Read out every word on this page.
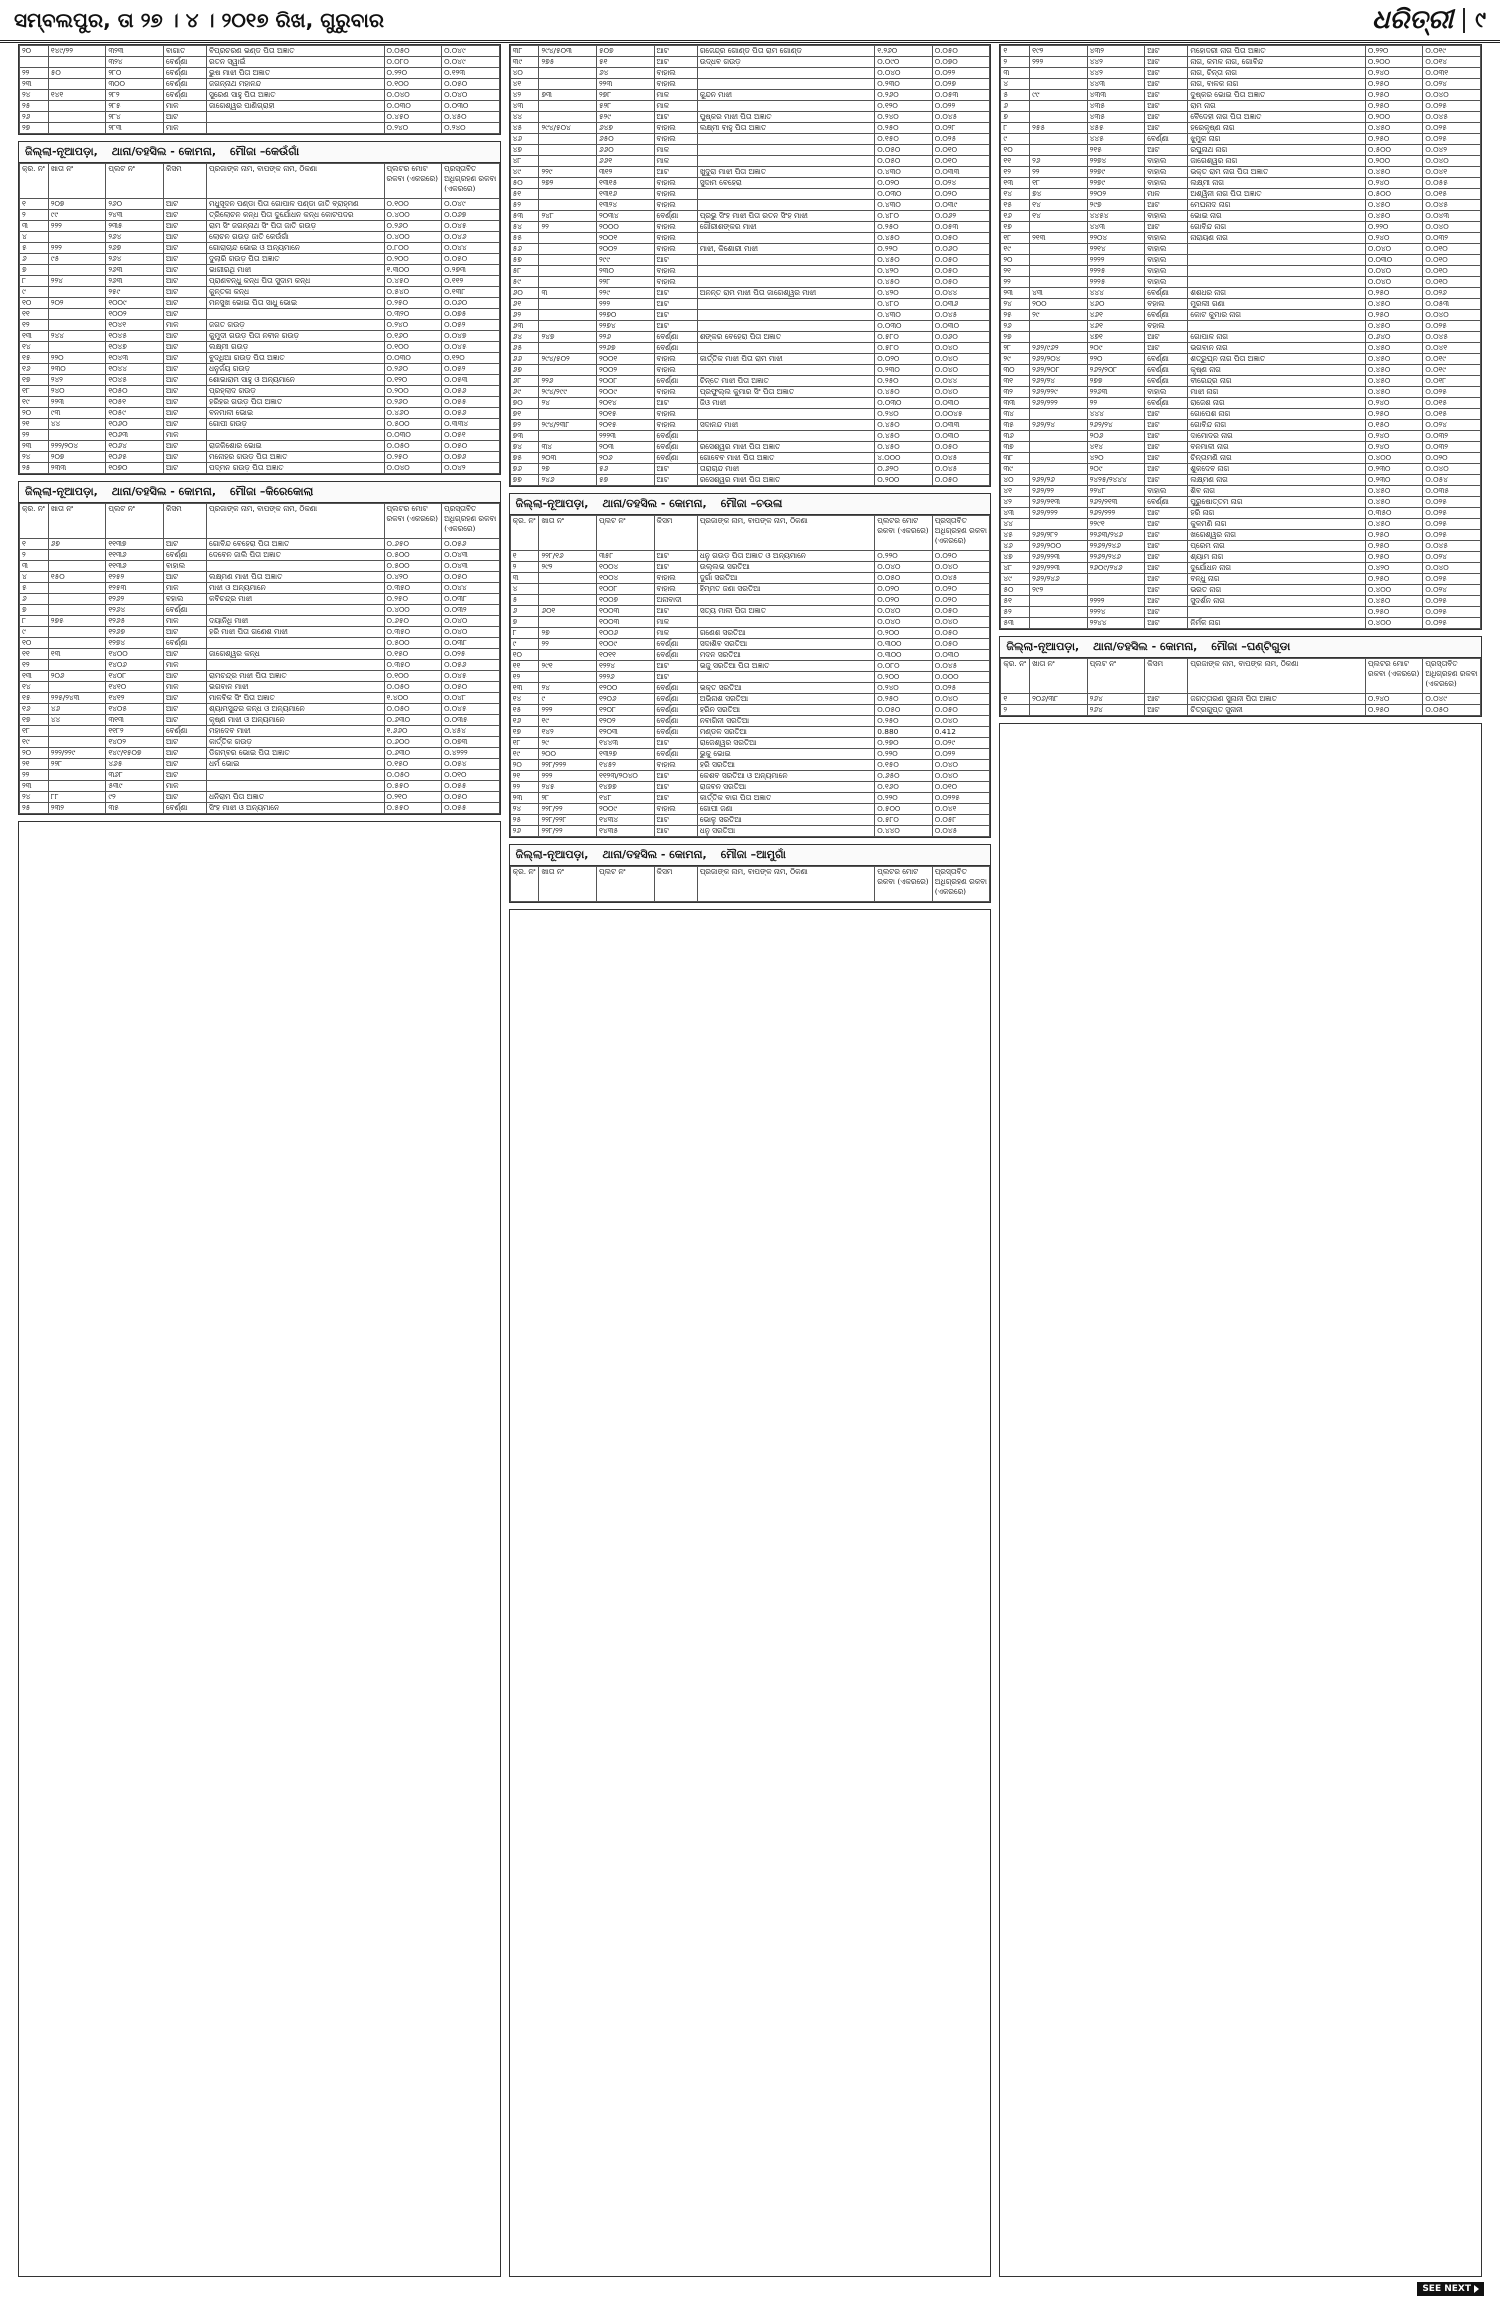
ସମ୍ବଲପୁର, ତା ୨୭ । ୪ । ୨୦୧୭ ରିଖ, ଗୁରୁବାର	ଧରିତ୍ରୀ	୯
୨୦	୧୪୯/୨୨	୩୨୩	ବାଗାତ	ବିପ୍ରଚରଣ ଭଣ୍ଡ ପିତା ଅଜ୍ଞାତ	୦.୦୫୦	୦.୦୪୯
		୩୨୪	ବେର୍ଣ୍ଣା	ରତନ ସ୍ୱାଇଁ	୦.୦୮୦	୦.୦୪୯
୨୨	୫୦	୨୮୦	ବେର୍ଣ୍ଣା	ଭୁଷ ମାଝୀ ପିତା ଅଜ୍ଞାତ	୦.୨୨୦	୦.୧୨୩
୨୩		୩୦୦	ବେର୍ଣ୍ଣା	ଜଗନ୍ନାଥ ମହାନନ୍ଦ	୦.୧୦୦	୦.୦୫୦
୨୪	୧୪୧	୨୮୨	ବେର୍ଣ୍ଣା	ସୁରେଣ ସାହୁ ପିତା ଅଜ୍ଞାତ	୦.୦୪୦	୦.୦୪୦
୨୫		୨୮୫	ମାଳ	ଜାଗେଶ୍ୱର ପାଣିଗ୍ରାହୀ	୦.୦୩୦	୦.୦୩୦
୨୬		୨୮୪	ଆଟ		୦.୪୫୦	୦.୪୫୦
୨୭		୨୮୩	ମାଳ		୦.୨୪୦	୦.୨୪୦
ଜିଲ୍ଲା-ନୂଆପଡ଼ା, ଥାନା/ତହସିଲ - କୋମନା, ମୌଜା –କେଉଁଗାଁ
କ୍ର. ନଂ	ଖାତା ନଂ	ପ୍ଲଟ ନଂ	କିସମ	ପ୍ରଜାଙ୍କ ନାମ, ବାପଙ୍କ ନାମ, ଠିକଣା	ପ୍ଲଟର ମୋଟ ରକବା (ଏକରରେ)	ପ୍ରସ୍ତାବିତ ଅଧିଗ୍ରହଣ ରକବା (ଏକରରେ)
୧	୨୦୭	୨୬୦	ଆଟ	ମଧୁସୂଦନ ପଣ୍ଡା ପିତା ଗୋପାଳ ପଣ୍ଡା ଜାତି ବ୍ରାହ୍ମଣ	୦.୧୦୦	୦.୦୪୯
୨	୯୯	୨୪୩	ଆଟ	ତ୍ରିଲୋଚନ କନ୍ଧ ପିତା ଦୁର୍ଯୋଧନ କନ୍ଧ କୋଟପଦର	୦.୪୦୦	୦.୦୬୭
୩	୨୨୨	୨୩୫	ଆଟ	ରାମ ସିଂ ଜଗନ୍ନାଥ ସିଂ ପିତା ଜାତି ଗଉଡ଼	୦.୨୬୦	୦.୦୪୫
୪		୨୬୪	ଆଟ	ଲୋଚନ ଗଉଡ଼ ଜାତି କେଉଁଗାଁ	୦.୪୦୦	୦.୦୪୬
୫	୨୨୨	୨୬୭	ଆଟ	ଗୋରାଚାନ୍ଦ ଭୋଇ ଓ ଅନ୍ୟମାନେ	୦.୮୦୦	୦.୦୪୪
୬	୯୫	୨୬୪	ଆଟ	ଦୁଲାରି ଗଉଡ଼ ପିତା ଅଜ୍ଞାତ	୦.୨୦୦	୦.୦୫୦
୭		୨୬୩	ଆଟ	ଭାଗୀରଥି ମାଝୀ	୧.୩୦୦	୦.୨୭୩
୮	୨୨୪	୨୬୩	ଆଟ	ପ୍ରାଣବନ୍ଧୁ କନ୍ଧ ପିତା ସୁଦାମ କନ୍ଧ	୦.୪୫୦	୦.୧୧୨
୯		୨୫୯	ଆଟ	କୁନ୍ତଳା କନ୍ଧ	୦.୫୪୦	୦.୧୩୮
୧୦	୨୦୨	୧୦୦୯	ଆଟ	ମନସୁଖ ଭୋଇ ପିତା ସାଧୁ ଭୋଇ	୦.୨୫୦	୦.୦୬୦
୧୧		୧୦୦୨	ଆଟ		୦.୩୨୦	୦.୦୭୫
୧୨		୧୦୪୧	ମାଳ	ଜଗତ ଗଉଡ଼	୦.୨୪୦	୦.୦୫୨
୧୩	୨୪୪	୧୦୪୫	ଆଟ	କୁମୁଦୀ ଗଉଡ଼ ପିତା ନବୀନ ଗଉଡ଼	୦.୧୬୦	୦.୦୪୭
୧୪		୧୦୪୭	ଆଟ	ଲକ୍ଷ୍ମୀ ଗଉଡ଼	୦.୧୦୦	୦.୦୪୫
୧୫	୨୨୦	୧୦୪୩	ଆଟ	ବୁଦ୍ଧିଆ ଗଉଡ଼ ପିତା ଅଜ୍ଞାତ	୦.୦୩୦	୦.୧୨୦
୧୬	୨୩୦	୧୦୪୪	ଆଟ	ଧନୁର୍ଜୟ ଗଉଡ଼	୦.୨୬୦	୦.୦୫୨
୧୭	୨୪୨	୧୦୪୫	ଆଟ	ଶୋଭାରାମ ସାହୁ ଓ ଅନ୍ୟମାନେ	୦.୧୨୦	୦.୦୫୩
୧୮	୨୪୦	୧୦୫୦	ଆଟ	ପ୍ରହ୍ଲାଦ ଗଉଡ଼	୦.୨୦୦	୦.୦୫୬
୧୯	୨୨୩	୧୦୫୧	ଆଟ	ହରିହର ଗଉଡ଼ ପିତା ଅଜ୍ଞାତ	୦.୨୬୦	୦.୦୫୫
୨୦	୯୩	୧୦୫୯	ଆଟ	ବନମାଳୀ ଭୋଇ	୦.୪୬୦	୦.୦୫୬
୨୧	୪୪	୧୦୬୦	ଆଟ	ଗୋପୀ ଗଉଡ଼	୦.୫୦୦	୦.୩୩୪
୨୨		୧୦୬୩	ମାଳ		୦.୦୩୦	୦.୦୫୧
୨୩	୨୨୨/୨୦୪	୧୦୬୪	ଆଟ	ରାଜକିଶୋର ଭୋଇ	୦.୦୫୦	୦.୦୫୦
୨୪	୨୦୭	୧୦୬୫	ଆଟ	ମନୋହର ଗଉଡ଼ ପିତା ଅଜ୍ଞାତ	୦.୨୫୦	୦.୦୭୬
୨୫	୨୩୩	୧୦୭୦	ଆଟ	ପଦ୍ମନ ଗଉଡ଼ ପିତା ଅଜ୍ଞାତ	୦.୦୪୦	୦.୦୪୨
ଜିଲ୍ଲା-ନୂଆପଡ଼ା, ଥାନା/ତହସିଲ - କୋମନା, ମୌଜା –କିରେକୋଲା
କ୍ର. ନଂ	ଖାତା ନଂ	ପ୍ଲଟ ନଂ	କିସମ	ପ୍ରଜାଙ୍କ ନାମ, ବାପଙ୍କ ନାମ, ଠିକଣା	ପ୍ଲଟର ମୋଟ ରକବା (ଏକରରେ)	ପ୍ରସ୍ତାବିତ ଅଧିଗ୍ରହଣ ରକବା (ଏକରରେ)
୧	୬୭	୧୧୩୭	ଆଟ	ଗୋବିନ୍ଦ ବେହେରା ପିତା ଅଜ୍ଞାତ	୦.୬୫୦	୦.୦୫୬
୨		୧୧୩୬	ବେର୍ଣ୍ଣା	ଦେବେନ ଜାଲି ପିତା ଅଜ୍ଞାତ	୦.୫୦୦	୦.୦୪୩
୩		୧୧୩୬	ବାହାଲ		୦.୫୦୦	୦.୦୪୩
୪	୧୫୦	୧୨୫୨	ଆଟ	ଲକ୍ଷ୍ମଣ ମାଝୀ ପିତା ଅଜ୍ଞାତ	୦.୪୨୦	୦.୦୫୦
୫		୧୨୫୩	ମାଳ	ମାଝୀ ଓ ଅନ୍ୟମାନେ	୦.୩୫୦	୦.୦୪୪
୬		୧୨୬୨	ବହାଲ	କବିଚନ୍ଦ୍ର ମାଝୀ	୦.୨୫୦	୦.୦୩୮
୭		୧୨୬୪	ବେର୍ଣ୍ଣା		୦.୪୦୦	୦.୦୩୨
୮	୨୭୫	୧୨୬୫	ମାଳ	ଦୟାନିଧି ମାଝୀ	୦.୬୫୦	୦.୦୪୦
୯		୧୨୬୭	ଆଟ	ହରି ମାଝୀ ପିତା ଗଣେଶ ମାଝୀ	୦.୩୫୦	୦.୦୪୦
୧୦		୧୨୭୪	ବେର୍ଣ୍ଣା		୦.୫୦୦	୦.୦୩୮
୧୧	୧୩	୧୪୦୦	ଆଟ	ଜାଗେଶ୍ୱର କନ୍ଧ	୦.୧୫୦	୦.୦୨୫
୧୨		୧୪୦୬	ମାଳ		୦.୩୫୦	୦.୦୫୬
୧୩	୨୦୬	୧୪୦୮	ଆଟ	ରାମଚନ୍ଦ୍ର ମାଝୀ ପିତା ଅଜ୍ଞାତ	୦.୧୦୦	୦.୦୪୫
୧୪		୧୪୧୦	ମାଳ	ଭଗବାନ ମାଝୀ	୦.୦୫୦	୦.୦୫୦
୧୫	୨୨୫/୨୪୩	୧୪୧୨	ଆଟ	ମାଳବିକ ସିଂ ପିତା ଅଜ୍ଞାତ	୧.୪୦୦	୦.୦୪୮
୧୬	୪୬	୧୪୦୫	ଆଟ	ଶ୍ୟାମସୁନ୍ଦର କନ୍ଧ ଓ ଅନ୍ୟମାନେ	୦.୦୫୦	୦.୦୪୫
୧୭	୪୪	୩୧୩	ଆଟ	କୃଷ୍ଣ ମାଝୀ ଓ ଅନ୍ୟମାନେ	୦.୬୩୦	୦.୦୩୫
୧୮		୧୧୮୨	ବେର୍ଣ୍ଣା	ମହାଦେବ ମାଝୀ	୧.୬୬୦	୦.୪୫୪
୧୯		୧୪୦୨	ଆଟ	କାର୍ତ୍ତିକ ଗଉଡ଼	୦.୬୦୦	୦.୦୭୩
୨୦	୨୨୨/୨୨୯	୧୪୯/୧୫୦୭	ଆଟ	ଡିଗମ୍ବର ଭୋଇ ପିତା ଅଜ୍ଞାତ	୦.୬୩୦	୦.୪୨୨୨
୨୧	୨୨୮	୪୬୫	ଆଟ	ଧର୍ମ ଭୋଇ	୦.୧୫୦	୦.୦୫୪
୨୨		୩୬୮	ଆଟ		୦.୦୫୦	୦.୦୧୦
୨୩		୫୩୯	ମାଳ		୦.୫୫୦	୦.୦୫୫
୨୪	୮୮	୯୨	ଆଟ	ଧନିରାମ ପିତା ଅଜ୍ଞାତ	୦.୨୧୦	୦.୦୫୦
୨୫	୨୩୨	୩୫	ବେର୍ଣ୍ଣା	ସିଂହ ମାଝୀ ଓ ଅନ୍ୟମାନେ	୦.୫୫୦	୦.୦୫୫
୩୮	୨୯୪/୫୦୩	୫୦୭	ଆଟ	ଗଜେନ୍ଦ୍ର ଗୋଣ୍ଡ ପିତା ରାମ ଗୋଣ୍ଡ	୧.୨୬୦	୦.୦୫୦
୩୯	୨୭୫	୫୧	ଆଟ	ଉଦ୍ଧବ ଗଉଡ଼	୦.୦୯୦	୦.୦୭୦
୪୦		୬୪	ବାହାଲ		୦.୦୪୦	୦.୦୨୨
୪୧		୨୨୩	ବାହାଲ		୦.୨୩୦	୦.୦୨୭
୪୨	୭୩	୨୭୮	ମାଳ	କୁନ୍ଦନ ମାଝୀ	୦.୨୬୦	୦.୦୫୩
୪୩		୫୨୮	ମାଳ		୦.୧୨୦	୦.୦୨୨
୪୪		୫୨୯	ଆଟ	ପୁଷ୍କର ମାଝୀ ପିତା ଅଜ୍ଞାତ	୦.୨୪୦	୦.୦୪୫
୪୫	୨୯୪/୫୦୪	୬୪୭	ବାହାଲ	ଲକ୍ଷ୍ମୀ ବାହୁ ପିତା ଅଜ୍ଞାତ	୦.୨୫୦	୦.୦୨୮
୪୬		୬୫୦	ବାହାଲ		୦.୧୫୦	୦.୦୨୫
୪୭		୬୬୦	ମାଳ		୦.୦୫୦	୦.୦୧୦
୪୮		୬୬୧	ମାଳ		୦.୦୫୦	୦.୦୧୦
୪୯	୨୨୯	୩୧୨	ଆଟ	ଖୁଦୁରା ମାଝୀ ପିତା ଅଜ୍ଞାତ	୦.୪୩୦	୦.୦୩୩
୫୦	୨୭୨	୧୩୧୫	ବାହାଲ	ସୁଦାମ ବେହେରା	୦.୦୨୦	୦.୦୨୪
୫୧		୧୩୧୬	ବାହାଲ		୦.୦୩୦	୦.୦୨୦
୫୨		୧୩୨୪	ବାହାଲ		୦.୪୩୦	୦.୦୩୯
୫୩	୨୪୮	୨୦୩୪	ବେର୍ଣ୍ଣା	ପ୍ରଭୁ ସିଂହ ମାଝୀ ପିତା ରତନ ସିଂହ ମାଝୀ	୦.୪୮୦	୦.୦୬୨
୫୪	୨୨	୨୦୦୦	ବାହାଲ	ଗୌରୀଶଙ୍କର ମାଝୀ	୦.୨୫୦	୦.୦୫୩
୫୫		୨୦୦୧	ବାହାଲ		୦.୪୫୦	୦.୦୫୦
୫୬		୨୦୦୨	ବାହାଲ	ମାଝୀ, କିଶୋରୀ ମାଝୀ	୦.୨୨୦	୦.୦୬୦
୫୭		୨୯୯	ଆଟ		୦.୪୫୦	୦.୦୫୦
୫୮		୨୩୦	ବାହାଲ		୦.୪୨୦	୦.୦୫୦
୫୯		୨୨୮	ବାହାଲ		୦.୪୫୦	୦.୦୫୦
୬୦	୩	୨୨୯	ଆଟ	ଅନନ୍ତ ରାମ ମାଝୀ ପିତା ଜାଗେଶ୍ୱର ମାଝୀ	୦.୪୨୦	୦.୦୪୪
୬୧		୨୨୨	ଆଟ		୦.୪୮୦	୦.୦୩୬
୬୨		୨୨୭୦	ଆଟ		୦.୪୩୦	୦.୦୪୫
୬୩		୨୨୭୪	ଆଟ		୦.୦୩୦	୦.୦୩୦
୬୪	୨୪୭	୨୨୬	ବେର୍ଣ୍ଣା	ଶଙ୍କର ବେହେରା ପିତା ଅଜ୍ଞାତ	୦.୫୮୦	୦.୦୬୦
୬୫		୨୨୬୭	ବେର୍ଣ୍ଣା		୦.୫୮୦	୦.୦୪୦
୬୬	୨୯୪/୫୦୨	୨୦୦୧	ବାହାଲ	କାର୍ତ୍ତିକ ମାଝୀ ପିତା ରାମ ମାଝୀ	୦.୦୨୦	୦.୦୪୦
୬୭		୨୦୦୨	ବାହାଲ		୦.୨୩୦	୦.୦୪୦
୬୮	୨୨୬	୨୦୦୮	ବେର୍ଣ୍ଣା	ଚିନ୍ତେ ମାଝୀ ପିତା ଅଜ୍ଞାତ	୦.୨୫୦	୦.୦୪୪
୬୯	୨୯୪/୨୯୯	୨୦୦୯	ବାହାଲ	ପ୍ରଫୁଲ୍ଲ କୁମାର ସିଂ ପିତା ଅଜ୍ଞାତ	୦.୪୫୦	୦.୦୪୦
୭୦	୨୪	୨୦୧୪	ଆଟ	ଜିଓ ମାଝୀ	୦.୦୩୦	୦.୦୩୦
୭୧		୨୦୧୫	ବାହାଲ		୦.୨୪୦	୦.୦୦୪୫
୭୨	୨୯୪/୨୩୮	୨୦୧୫	ବାହାଲ	ସଦାନନ୍ଦ ମାଝୀ	୦.୪୫୦	୦.୦୩୩
୭୩		୨୨୨୩	ବେର୍ଣ୍ଣା		୦.୪୫୦	୦.୦୩୦
୭୪	୩୪	୨୦୩	ବେର୍ଣ୍ଣା	ରସେଶ୍ୱର ମାଝୀ ପିତା ଅଜ୍ଞାତ	୦.୪୫୦	୦.୦୫୦
୭୫	୨୦୩	୨୦୬	ବେର୍ଣ୍ଣା	ଗୋବେବ ମାଝୀ ପିତା ଅଜ୍ଞାତ	୪.୦୦୦	୦.୦୪୫
୭୬	୨୭	୫୬	ଆଟ	ତାରାଚାନ୍ଦ ମାଝୀ	୦.୬୨୦	୦.୦୪୫
୭୭	୨୪୬	୫୭	ଆଟ	ରସେଶ୍ୱର ମାଝୀ ପିତା ଅଜ୍ଞାତ	୦.୨୦୦	୦.୦୫୦
ଜିଲ୍ଲା-ନୂଆପଡ଼ା, ଥାନା/ତହସିଲ - କୋମନା, ମୌଜା –ଚଉଳା
କ୍ର. ନଂ	ଖାତା ନଂ	ପ୍ଲଟ ନଂ	କିସମ	ପ୍ରଜାଙ୍କ ନାମ, ବାପଙ୍କ ନାମ, ଠିକଣା	ପ୍ଲଟର ମୋଟ ରକବା (ଏକରରେ)	ପ୍ରସ୍ତାବିତ ଅଧିଗ୍ରହଣ ରକବା (ଏକରରେ)
୧	୨୨୮/୧୬	୩୫୮	ଆଟ	ଧନୁ ଗଉଡ଼ ପିତା ଅଜ୍ଞାତ ଓ ଅନ୍ୟମାନେ	୦.୨୨୦	୦.୦୨୦
୨	୨୯୨	୧୦୦୪	ଆଟ	ଉଲ୍ଲଭ ସରତିଆ	୦.୦୪୦	୦.୦୪୦
୩		୧୦୦୪	ବାହାଲ	ଦୁର୍ଗା ସରତିଆ	୦.୦୫୦	୦.୦୪୫
୪		୧୦୦୮	ବାହାଲ	ହିମ୍ମତ ଜଣା ସରତିଆ	୦.୦୨୦	୦.୦୨୦
୫		୧୦୦୭	ଅନାବାଦୀ		୦.୦୨୦	୦.୦୨୦
୬	୬୦୧	୧୦୦୩	ଆଟ	ସତ୍ୟ ମାଳୀ ପିତା ଅଜ୍ଞାତ	୦.୦୪୦	୦.୦୫୦
୭		୧୦୦୩	ମାଳ		୦.୦୪୦	୦.୦୪୦
୮	୨୭	୧୦୦୬	ମାଳ	ଗଣେଶ ସରତିଆ	୦.୨୦୦	୦.୦୫୦
୯	୨୨	୧୦୦୯	ବେର୍ଣ୍ଣା	ସଦାଶିବ ସରତିଆ	୦.୩୦୦	୦.୦୫୦
୧୦		୧୦୧୧	ବେର୍ଣ୍ଣା	ମଦନ ସରତିଆ	୦.୩୦୦	୦.୦୩୦
୧୧	୨୯୧	୧୨୨୪	ଆଟ	ଭଜୁ ସରତିଆ ପିତା ଅଜ୍ଞାତ	୦.୦୮୦	୦.୦୪୫
୧୨		୨୨୨୬	ଆଟ		୦.୨୦୦	୦.୦୦୦
୧୩	୨୪	୧୨୦୦	ବେର୍ଣ୍ଣା	ଭକ୍ତ ସରତିଆ	୦.୨୪୦	୦.୦୨୫
୧୪	୯	୧୨୦୬	ବେର୍ଣ୍ଣା	ଅଭିନାଶ ସରତିଆ	୦.୨୫୦	୦.୦୪୦
୧୫	୨୨୨	୧୨୦୮	ବେର୍ଣ୍ଣା	ହରିନ ସରତିଆ	୦.୦୫୦	୦.୦୫୦
୧୬	୧୯	୧୨୦୨	ବେର୍ଣ୍ଣା	ନବାଗିନୀ ସରତିଆ	୦.୨୫୦	୦.୦୪୦
୧୭	୧୪୨	୧୨୦୩	ବେର୍ଣ୍ଣା	ମଣ୍ଡଳ ସରତିଆ	0.880	0.412
୧୮	୨୯	୧୪୪୩	ଆଟ	ରାଜେଶ୍ୱର ସରତିଆ	୦.୨୭୦	୦.୦୨୯
୧୯	୨୦୦	୧୩୨୭	ବେର୍ଣ୍ଣା	ଭୁକୁ ଭୋଇ	୦.୨୨୦	୦.୦୨୨
୨୦	୨୨୮/୨୨୨	୧୪୫୨	ବାହାଲ	ହରି ସରତିଆ	୦.୧୫୦	୦.୦୪୦
୨୧	୨୨୨	୧୧୨୩/୨୦୪୦	ଆଟ	କେଶବ ସରତିଆ ଓ ଅନ୍ୟମାନେ	୦.୬୫୦	୦.୦୪୦
୨୨	୨୪୫	୧୪୭୭	ଆଟ	ରାଜବନ ସରତିଆ	୦.୧୬୦	୦.୦୧୦
୨୩	୨୮	୧୪୮	ଆଟ	କାର୍ତ୍ତିକ ବାଗ ପିତା ଅଜ୍ଞାତ	୦.୨୨୦	୦.୦୨୨୫
୨୪	୨୨୮/୨୨	୨୦୦୯	ବାହାଲ	ଗୋପୀ ଜଣା	୦.୫୦୦	୦.୦୪୧
୨୫	୨୨୮/୨୨୮	୧୪୩୪	ଆଟ	ଭୋଳୁ ସରତିଆ	୦.୫୮୦	୦.୦୫୮
୨୬	୨୨୮/୨୨	୧୪୩୫	ଆଟ	ଧନୁ ସରତିଆ	୦.୪୪୦	୦.୦୪୫
ଜିଲ୍ଲା-ନୂଆପଡ଼ା, ଥାନା/ତହସିଲ - କୋମନା, ମୌଜା –ଆମୁଗାଁ
କ୍ର. ନଂ	ଖାତା ନଂ	ପ୍ଲଟ ନଂ	କିସମ	ପ୍ରଜାଙ୍କ ନାମ, ବାପଙ୍କ ନାମ, ଠିକଣା	ପ୍ଲଟର ମୋଟ ରକବା (ଏକରରେ)	ପ୍ରସ୍ତାବିତ ଅଧିଗ୍ରହଣ ରକବା (ଏକରରେ)
୧	୧୯୨	୪୩୨	ଆଟ	ମହୋଦରୀ ନାଗ ପିତା ଅଜ୍ଞାତ	୦.୨୨୦	୦.୦୧୯
୨	୨୨୨	୪୪୨	ଆଟ	ନାଗ, କମଳ ନାଗ, ଗୋବିନ୍ଦ	୦.୨୦୦	୦.୦୧୪
୩		୪୪୨	ଆଟ	ନାଗ, ଚିନ୍ତା ନାଗ	୦.୨୪୦	୦.୦୩୧
୪		୪୪୩	ଆଟ	ନାଗ, ବାଳକ ନାଗ	୦.୨୫୦	୦.୦୨୪
୫	୯୯	୪୩୩	ଆଟ	ଦୁଷ୍କର ଭୋଇ ପିତା ଅଜ୍ଞାତ	୦.୨୫୦	୦.୦୪୦
୬		୪୩୫	ଆଟ	ରାମ ନାଗ	୦.୨୫୦	୦.୦୨୫
୭		୪୩୫	ଆଟ	ବୈଦେହୀ ନାଗ ପିତା ଅଜ୍ଞାତ	୦.୨୦୦	୦.୦୪୫
୮	୨୫୫	୪୫୫	ଆଟ	ହରେକୃଷ୍ଣ ନାଗ	୦.୪୫୦	୦.୦୨୫
୯		୪୪୫	ବେର୍ଣ୍ଣା	ଝୁମୁକ ନାଗ	୦.୨୫୦	୦.୦୨୫
୧୦		୨୧୫	ଆଟ	ରଘୁନାଥ ନାଗ	୦.୫୦୦	୦.୦୪୨
୧୧	୨୬	୨୨୭୪	ବାହାଲ	ଜାଗେଶ୍ୱର ନାଗ	୦.୨୦୦	୦.୦୪୦
୧୨	୨୨	୨୨୭୯	ବାହାଲ	ଭକ୍ତ ରାମ ନାଗ ପିତା ଅଜ୍ଞାତ	୦.୪୫୦	୦.୦୪୧
୧୩	୧୮	୨୨୭୯	ବାହାଲ	ଲକ୍ଷ୍ମୀ ନାଗ	୦.୨୪୦	୦.୦୫୫
୧୪	୭୪	୨୨୦୨	ମାଳ	ଅଶ୍ୱିନୀ ନାଗ ପିତା ଅଜ୍ଞାତ	୦.୫୦୦	୦.୦୧୫
୧୫	୧୪	୨୯୭	ଆଟ	ମେଘନାଦ ନାଗ	୦.୪୫୦	୦.୦୪୫
୧୬	୧୪	୪୪୫୪	ବାହାଲ	ଭୋଇ ନାଗ	୦.୪୫୦	୦.୦୪୩
୧୭		୪୪୩	ଆଟ	ଗୋବିନ୍ଦ ନାଗ	୦.୨୨୦	୦.୦୪୦
୧୮	୨୧୩	୨୨୦୪	ବାହାଲ	ନାରାୟଣ ନାଗ	୦.୨୪୦	୦.୦୩୨
୧୯		୨୨୧୪	ବାହାଲ		୦.୦୪୦	୦.୦୧୦
୨୦		୨୨୨୨	ବାହାଲ		୦.୦୩୦	୦.୦୧୦
୨୧		୨୨୨୫	ବାହାଲ		୦.୦୪୦	୦.୦୧୦
୨୨		୨୨୨୫	ବାହାଲ		୦.୦୪୦	୦.୦୧୦
୨୩	୪୩	୪୪୪	ବେର୍ଣ୍ଣା	ଶଶଧର ନାଗ	୦.୨୫୦	୦.୦୨୬
୨୪	୨୦୦	୪୬୦	ବହାଲ	ମୁରଲୀ ଗଣା	୦.୪୫୦	୦.୦୫୩
୨୫	୨୯	୪୬୧	ବେର୍ଣ୍ଣା	କୋଟ କୁମାର ନାଗ	୦.୨୫୦	୦.୦୪୦
୨୬		୪୬୧	ବହାଲ		୦.୪୫୦	୦.୦୨୫
୨୭		୪୭୧	ଆଟ	ଗୋପାଳ ନାଗ	୦.୬୪୦	୦.୦୪୫
୨୮	୨୬୨/୯୬୨	୨୦୯	ଆଟ	ଭଗବାନ ନାଗ	୦.୪୫୦	୦.୦୪୧
୨୯	୨୬୨/୨୦୪	୨୨୦	ବେର୍ଣ୍ଣା	ଶତ୍ରୁଘ୍ନ ନାଗ ପିତା ଅଜ୍ଞାତ	୦.୪୫୦	୦.୦୧୯
୩୦	୨୬୨/୨୦୮	୨୬୨/୨୦୮	ବେର୍ଣ୍ଣା	କୃଷ୍ଣ ନାଗ	୦.୪୫୦	୦.୦୧୯
୩୧	୨୬୨/୨୪	୨୭୭	ବେର୍ଣ୍ଣା	ବୀରେନ୍ଦ୍ର ନାଗ	୦.୪୫୦	୦.୦୧୮
୩୨	୨୬୨/୨୨୯	୨୨୬୩	ବାହାଲ	ମାଝୀ ନାଗ	୦.୪୫୦	୦.୦୨୫
୩୩	୨୬୨/୨୨୨	୨୨	ବେର୍ଣ୍ଣା	ରାଜେଶ ନାଗ	୦.୨୪୦	୦.୦୧୫
୩୪		୪୪୪	ଆଟ	ଗୋପେଶ ନାଗ	୦.୨୫୦	୦.୦୧୫
୩୫	୨୬୨/୨୪	୨୬୨/୨୪	ଆଟ	ଗୋବିନ୍ଦ ନାଗ	୦.୧୫୦	୦.୦୨୪
୩୬		୨୦୬	ଆଟ	ଦାମୋଦର ନାଗ	୦.୨୪୦	୦.୦୩୨
୩୭		୪୧୪	ଆଟ	ବନମାଳୀ ନାଗ	୦.୨୪୦	୦.୦୩୨
୩୮		୪୨୦	ଆଟ	ଚିନ୍ତାମଣି ନାଗ	୦.୪୦୦	୦.୦୨୦
୩୯		୨୦୯	ଆଟ	ଶୁକଦେବ ନାଗ	୦.୨୩୦	୦.୦୪୦
୪୦	୨୬୨/୨୬	୨୪୨୫/୨୪୪୪	ଆଟ	ଲକ୍ଷ୍ମଣ ନାଗ	୦.୨୩୦	୦.୦୫୪
୪୧	୨୬୨/୨୨	୨୨୪୮	ବାହାଲ	ଶିବ ନାଗ	୦.୪୫୦	୦.୦୩୫
୪୨	୨୬୨/୨୧୩	୨୬୨/୨୧୩	ବେର୍ଣ୍ଣା	ପୁରୁଷୋତ୍ତମ ନାଗ	୦.୪୫୦	୦.୦୨୫
୪୩	୨୬୨/୨୨୨	୨୬୨/୨୨୨	ଆଟ	ହରି ନାଗ	୦.୩୫୦	୦.୦୨୫
୪୪		୨୨୯୧	ଆଟ	କୁଳମଣି ନାଗ	୦.୪୫୦	୦.୦୨୫
୪୫	୨୬୨/୨୮୨	୨୨୬୩/୨୪୬	ଆଟ	ଖଗେଶ୍ୱର ନାଗ	୦.୨୫୦	୦.୦୨୫
୪୬	୨୬୨/୨୦୦	୨୨୬୨/୨୪୬	ଆଟ	ପ୍ରେମ ନାଗ	୦.୨୫୦	୦.୦୪୫
୪୭	୨୬୨/୨୨୩	୨୨୬୨/୨୪୬	ଆଟ	ଶ୍ୟାମ ନାଗ	୦.୨୫୦	୦.୦୨୪
୪୮	୨୬୨/୨୨୩	୨୬୦୯/୨୪୬	ଆଟ	ଦୁର୍ଯୋଧନ ନାଗ	୦.୪୨୦	୦.୦୪୦
୪୯	୨୬୨/୨୪୬		ଆଟ	ବନ୍ଧୁ ନାଗ	୦.୨୫୦	୦.୦୨୫
୫୦	୨୯୨		ଆଟ	ଭରତ ନାଗ	୦.୪୦୦	୦.୦୨୪
୫୧		୨୨୨୨	ଆଟ	ସୁଦର୍ଶନ ନାଗ	୦.୪୫୦	୦.୦୨୫
୫୨		୨୨୨୪	ଆଟ		୦.୨୫୦	୦.୦୨୫
୫୩		୨୨୪୪	ଆଟ	ନିର୍ମଳ ନାଗ	୦.୪୦୦	୦.୦୨୫
ଜିଲ୍ଲା-ନୂଆପଡ଼ା, ଥାନା/ତହସିଲ - କୋମନା, ମୌଜା –ଘଣ୍ଟିଗୁଡା
କ୍ର. ନଂ	ଖାତା ନଂ	ପ୍ଲଟ ନଂ	କିସମ	ପ୍ରଜାଙ୍କ ନାମ, ବାପଙ୍କ ନାମ, ଠିକଣା	ପ୍ଲଟର ମୋଟ ରକବା (ଏକରରେ)	ପ୍ରସ୍ତାବିତ ଅଧିଗ୍ରହଣ ରକବା (ଏକରରେ)
୧	୨୦୬/୩୮	୨୬୪	ଆଟ	ଜଗତ୍ତାରଣ ସୁନାନୀ ପିତା ଅଜ୍ଞାତ	୦.୨୪୦	୦.୦୪୯
୨		୨୬୪	ଆଟ	ଚିତ୍ରଗୁପ୍ତ ସୁନାନୀ	୦.୨୫୦	୦.୦୫୦
SEE NEXT
